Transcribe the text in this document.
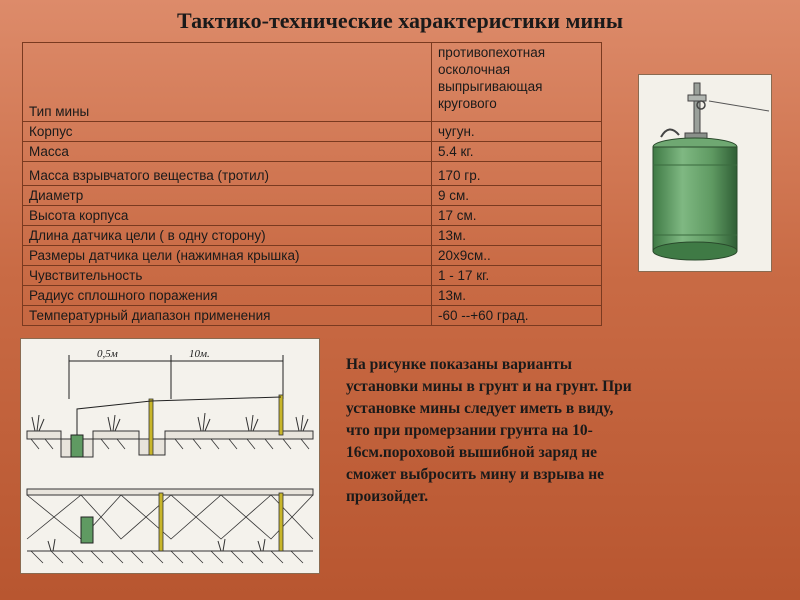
Тактико-технические характеристики мины
Тип мины	противопехотная осколочная выпрыгивающая кругового
Корпус	чугун.
Масса	5.4 кг.
Масса взрывчатого вещества (тротил)	170 гр.
Диаметр	9 см.
Высота корпуса	17 см.
Длина датчика цели ( в одну сторону)	13м.
Размеры датчика цели (нажимная крышка)	20х9см..
Чувствительность	1 - 17 кг.
Радиус сплошного поражения	13м.
Температурный диапазон применения	-60 --+60 град.
0,5м	10м.
На рисунке показаны варианты установки мины в грунт и на грунт. При установке мины следует иметь в виду, что при промерзании грунта на 10-16см.пороховой вышибной заряд не сможет выбросить мину и взрыва не произойдет.
